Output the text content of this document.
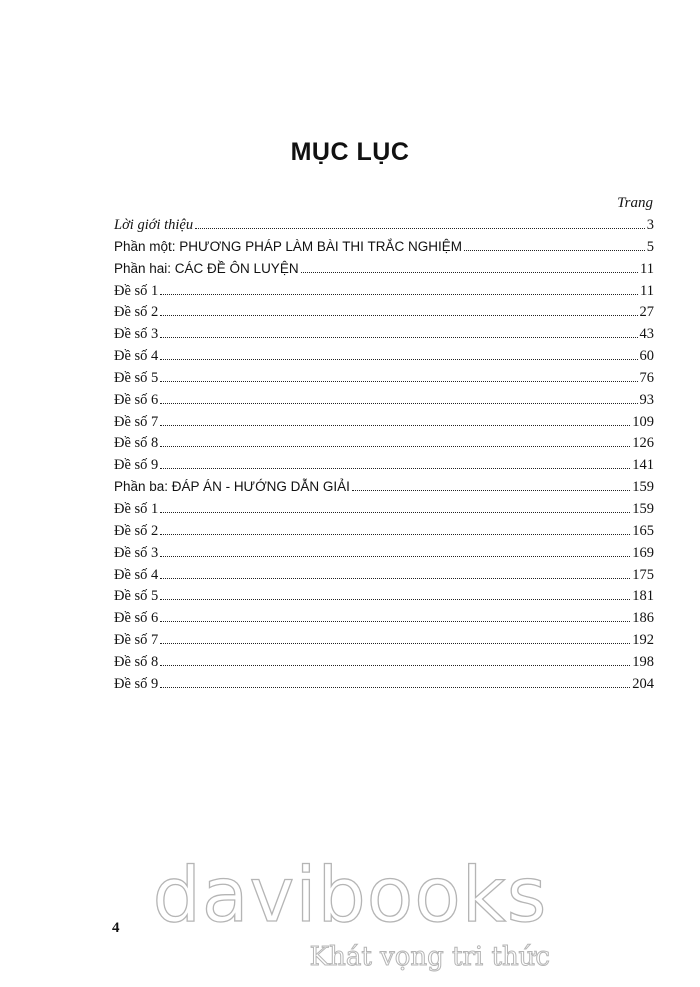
MỤC LỤC
Trang
Lời giới thiệu	3
Phần một: PHƯƠNG PHÁP LÀM BÀI THI TRẮC NGHIỆM	5
Phần hai: CÁC ĐỀ ÔN LUYỆN	11
Đề số 1	11
Đề số 2	27
Đề số 3	43
Đề số 4	60
Đề số 5	76
Đề số 6	93
Đề số 7	109
Đề số 8	126
Đề số 9	141
Phần ba: ĐÁP ÁN - HƯỚNG DẪN GIẢI	159
Đề số 1	159
Đề số 2	165
Đề số 3	169
Đề số 4	175
Đề số 5	181
Đề số 6	186
Đề số 7	192
Đề số 8	198
Đề số 9	204
4 davibooks
Khát vọng tri thức
